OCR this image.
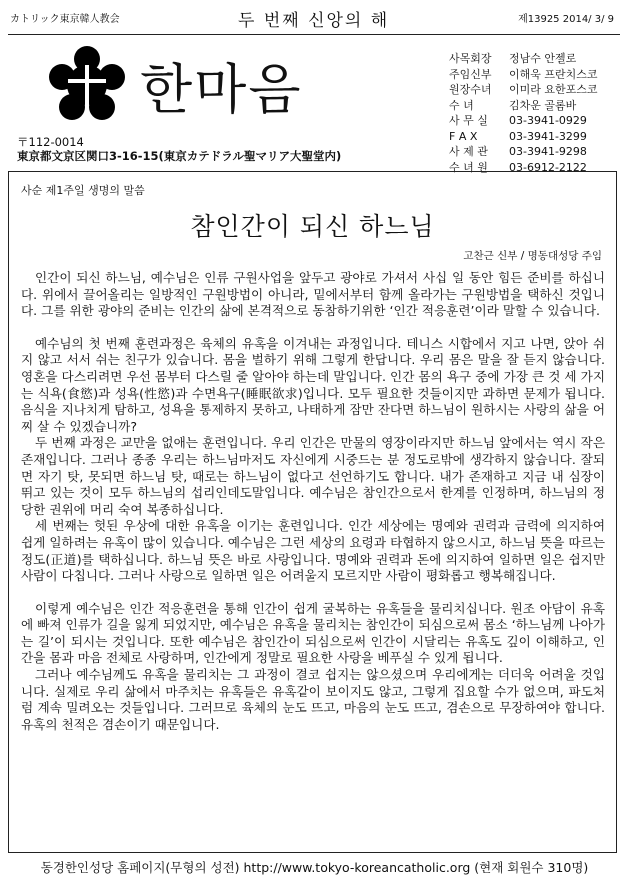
カトリック東京韓人教会	두 번째 신앙의 해	제13925 2014/ 3/ 9
한마음
〒112-0014
東京都文京区関口3-16-15(東京カテドラル聖マリア大聖堂内)
사목회장	정남수 안젤로
주임신부	이해욱 프란치스코
원장수녀	이미라 요한포스코
수 녀	김차운 골롬바
사 무 실	03-3941-0929
F A X	03-3941-3299
사 제 관	03-3941-9298
수 녀 원	03-6912-2122
사순 제1주일 생명의 말씀
참인간이 되신 하느님
고찬근 신부 / 명동대성당 주임

인간이 되신 하느님, 예수님은 인류 구원사업을 앞두고 광야로 가셔서 사십 일 동안 힘든 준비를 하십니다. 위에서 끌어올리는 일방적인 구원방법이 아니라, 밑에서부터 함께 올라가는 구원방법을 택하신 것입니다. 그를 위한 광야의 준비는 인간의 삶에 본격적으로 동참하기위한 ‘인간 적응훈련’이라 말할 수 있습니다.

예수님의 첫 번째 훈련과정은 육체의 유혹을 이겨내는 과정입니다. 테니스 시합에서 지고 나면, 앉아 쉬지 않고 서서 쉬는 친구가 있습니다. 몸을 벌하기 위해 그렇게 한답니다. 우리 몸은 말을 잘 듣지 않습니다. 영혼을 다스리려면 우선 몸부터 다스릴 줄 알아야 하는데 말입니다. 인간 몸의 욕구 중에 가장 큰 것 세 가지는 식욕(食慾)과 성욕(性慾)과 수면욕구(睡眠欲求)입니다. 모두 필요한 것들이지만 과하면 문제가 됩니다. 음식을 지나치게 탐하고, 성욕을 통제하지 못하고, 나태하게 잠만 잔다면 하느님이 원하시는 사랑의 삶을 어찌 살 수 있겠습니까?

두 번째 과정은 교만을 없애는 훈련입니다. 우리 인간은 만물의 영장이라지만 하느님 앞에서는 역시 작은 존재입니다. 그러나 종종 우리는 하느님마저도 자신에게 시중드는 분 정도로밖에 생각하지 않습니다. 잘되면 자기 탓, 못되면 하느님 탓, 때로는 하느님이 없다고 선언하기도 합니다. 내가 존재하고 지금 내 심장이 뛰고 있는 것이 모두 하느님의 섭리인데도말입니다. 예수님은 참인간으로서 한계를 인정하며, 하느님의 정당한 권위에 머리 숙여 복종하십니다.

세 번째는 헛된 우상에 대한 유혹을 이기는 훈련입니다. 인간 세상에는 명예와 권력과 금력에 의지하여 쉽게 일하려는 유혹이 많이 있습니다. 예수님은 그런 세상의 요령과 타협하지 않으시고, 하느님 뜻을 따르는 정도(正道)를 택하십니다. 하느님 뜻은 바로 사랑입니다. 명예와 권력과 돈에 의지하여 일하면 일은 쉽지만 사람이 다칩니다. 그러나 사랑으로 일하면 일은 어려울지 모르지만 사람이 평화롭고 행복해집니다.

이렇게 예수님은 인간 적응훈련을 통해 인간이 쉽게 굴복하는 유혹들을 물리치십니다. 원조 아담이 유혹에 빠져 인류가 길을 잃게 되었지만, 예수님은 유혹을 물리치는 참인간이 되심으로써 몸소 ‘하느님께 나아가는 길’이 되시는 것입니다. 또한 예수님은 참인간이 되심으로써 인간이 시달리는 유혹도 깊이 이해하고, 인간을 몸과 마음 전체로 사랑하며, 인간에게 정말로 필요한 사랑을 베푸실 수 있게 됩니다.

그러나 예수님께도 유혹을 물리치는 그 과정이 결코 쉽지는 않으셨으며 우리에게는 더더욱 어려울 것입니다. 실제로 우리 삶에서 마주치는 유혹들은 유혹같이 보이지도 않고, 그렇게 집요할 수가 없으며, 파도처럼 계속 밀려오는 것들입니다. 그러므로 육체의 눈도 뜨고, 마음의 눈도 뜨고, 겸손으로 무장하여야 합니다. 유혹의 천적은 겸손이기 때문입니다.

동경한인성당 홈페이지(무형의 성전) http://www.tokyo-koreancatholic.org (현재 회원수 310명)
